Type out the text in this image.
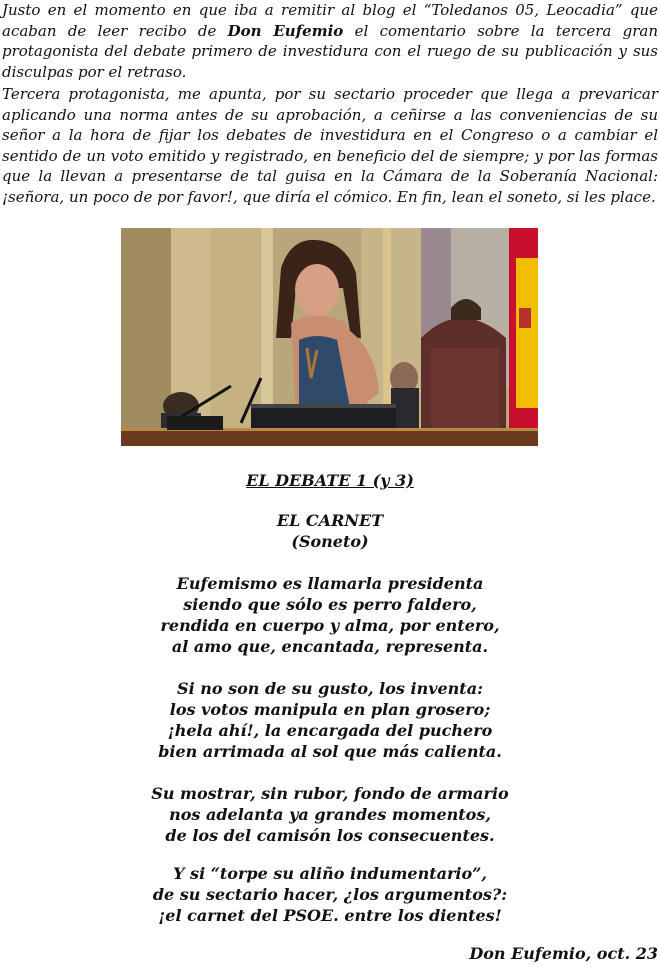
Justo en el momento en que iba a remitir al blog el “Toledanos 05, Leocadia” que acaban de leer recibo de Don Eufemio el comentario sobre la tercera gran protagonista del debate primero de investidura con el ruego de su publicación y sus disculpas por el retraso.

Tercera protagonista, me apunta, por su sectario proceder que llega a prevaricar aplicando una norma antes de su aprobación, a ceñirse a las conveniencias de su señor a la hora de fijar los debates de investidura en el Congreso o a cambiar el sentido de un voto emitido y registrado, en beneficio del de siempre; y por las formas que la llevan a presentarse de tal guisa en la Cámara de la Soberanía Nacional: ¡señora, un poco de por favor!, que diría el cómico. En fin, lean el soneto, si les place.

EL DEBATE 1 (y 3)
EL CARNET
(Soneto)
Eufemismo es llamarla presidenta
siendo que sólo es perro faldero,
rendida en cuerpo y alma, por entero,
al amo que, encantada, representa.
Si no son de su gusto, los inventa:
los votos manipula en plan grosero;
¡hela ahí!, la encargada del puchero
bien arrimada al sol que más calienta.
Su mostrar, sin rubor, fondo de armario
nos adelanta ya grandes momentos,
de los del camisón los consecuentes.
Y si “torpe su aliño indumentario”,
de su sectario hacer, ¿los argumentos?:
¡el carnet del PSOE. entre los dientes!
Don Eufemio, oct. 23
